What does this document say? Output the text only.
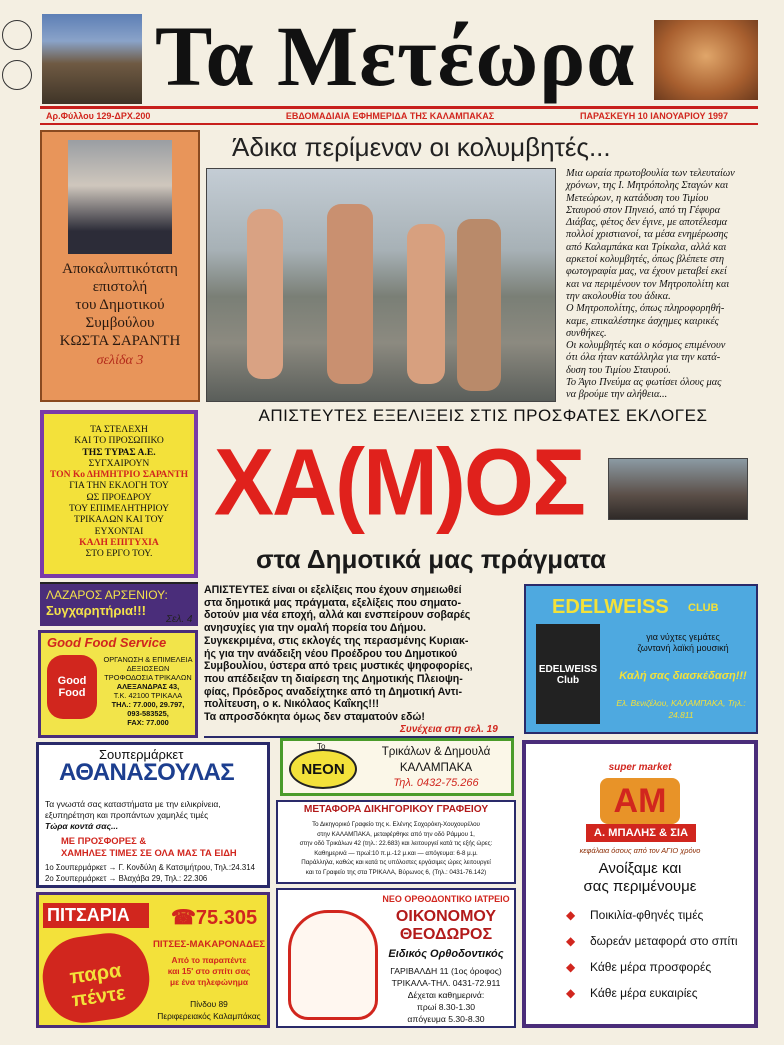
Τα Μετέωρα
Αρ.Φύλλου 129-ΔΡΧ.200	ΕΒΔΟΜΑΔΙΑΙΑ ΕΦΗΜΕΡΙΔΑ ΤΗΣ ΚΑΛΑΜΠΑΚΑΣ	ΠΑΡΑΣΚΕΥΗ 10 ΙΑΝΟΥΑΡΙΟΥ 1997
Αποκαλυπτικότατη
επιστολή
του Δημοτικού
Συμβούλου
ΚΩΣΤΑ ΣΑΡΑΝΤΗ
σελίδα 3
Άδικα περίμεναν οι κολυμβητές...
Μια ωραία πρωτοβουλία των τελευταίων
χρόνων, της Ι. Μητρόπολης Σταγών και
Μετεώρων, η κατάδυση του Τιμίου
Σταυρού στον Πηνειό, από τη Γέφυρα
Διάβας, φέτος δεν έγινε, με αποτέλεσμα
πολλοί χριστιανοί, τα μέσα ενημέρωσης
από Καλαμπάκα και Τρίκαλα, αλλά και
αρκετοί κολυμβητές, όπως βλέπετε στη
φωτογραφία μας, να έχουν μεταβεί εκεί
και να περιμένουν τον Μητροπολίτη και
την ακολουθία του άδικα.
Ο Μητροπολίτης, όπως πληροφορηθή-
καμε, επικαλέστηκε άσχημες καιρικές
συνθήκες.
Οι κολυμβητές και ο κόσμος επιμένουν
ότι όλα ήταν κατάλληλα για την κατά-
δυση του Τιμίου Σταυρού.
Το Άγιο Πνεύμα ας φωτίσει όλους μας
να βρούμε την αλήθεια...
ΤΑ ΣΤΕΛΕΧΗ
ΚΑΙ ΤΟ ΠΡΟΣΩΠΙΚΟ
ΤΗΣ ΤΥΡΑΣ Α.Ε.
ΣΥΓΧΑΙΡΟΥΝ
ΤΟΝ Κο ΔΗΜΗΤΡΙΟ ΣΑΡΑΝΤΗ
ΓΙΑ ΤΗΝ ΕΚΛΟΓΗ ΤΟΥ
ΩΣ ΠΡΟΕΔΡΟΥ
ΤΟΥ ΕΠΙΜΕΛΗΤΗΡΙΟΥ
ΤΡΙΚΑΛΩΝ ΚΑΙ ΤΟΥ
ΕΥΧΟΝΤΑΙ
ΚΑΛΗ ΕΠΙΤΥΧΙΑ
ΣΤΟ ΕΡΓΟ ΤΟΥ.
ΑΠΙΣΤΕΥΤΕΣ ΕΞΕΛΙΞΕΙΣ ΣΤΙΣ ΠΡΟΣΦΑΤΕΣ ΕΚΛΟΓΕΣ
ΧΑ(Μ)ΟΣ
στα Δημοτικά μας πράγματα
ΑΠΙΣΤΕΥΤΕΣ είναι οι εξελίξεις που έχουν σημειωθεί
στα δημοτικά μας πράγματα, εξελίξεις που σηματο-
δοτούν μια νέα εποχή, αλλά και ενσπείρουν σοβαρές
ανησυχίες για την ομαλή πορεία του Δήμου.
Συγκεκριμένα, στις εκλογές της περασμένης Κυριακ-
ής για την ανάδειξη νέου Προέδρου του Δημοτικού
Συμβουλίου, ύστερα από τρεις μυστικές ψηφοφορίες,
που απέδειξαν τη διαίρεση της Δημοτικής Πλειοψη-
φίας, Πρόεδρος αναδείχτηκε από τη Δημοτική Αντι-
πολίτευση, ο κ. Νικόλαος Καΐκης!!!
Τα απροσδόκητα όμως δεν σταματούν εδώ!
Συνέχεια στη σελ. 19
ΛΑΖΑΡΟΣ ΑΡΣΕΝΙΟΥ:
Συγχαρητήρια!!!
Σελ. 4
Good Food Service
Good Food
ΟΡΓΑΝΩΣΗ & ΕΠΙΜΕΛΕΙΑ
ΔΕΞΙΩΣΕΩΝ
ΤΡΟΦΟΔΟΣΙΑ ΤΡΙΚΑΛΩΝ
ΑΛΕΞΑΝΔΡΑΣ 43,
Τ.Κ. 42100 ΤΡΙΚΑΛΑ
ΤΗΛ.: 77.000, 29.797,
093-583525,
FAX: 77.000
EDELWEISS CLUB
EDELWEISS Club
για νύχτες γεμάτες
ζωντανή λαϊκή μουσική
Καλή σας διασκέδαση!!!
Ελ. Βενιζέλου, ΚΑΛΑΜΠΑΚΑ, Τηλ.:
24.811
Σουπερμάρκετ
ΑΘΑΝΑΣΟΥΛΑΣ
Τα γνωστά σας καταστήματα με την ειλικρίνεια,
εξυπηρέτηση και προπάντων χαμηλές τιμές
Τώρα κοντά σας...
ΜΕ ΠΡΟΣΦΟΡΕΣ &
ΧΑΜΗΛΕΣ ΤΙΜΕΣ ΣΕ ΟΛΑ ΜΑΣ ΤΑ ΕΙΔΗ
1ο Σουπερμάρκετ → Γ. Κονδύλη & Κατσιμήτρου, Τηλ.:24.314
2ο Σουπερμάρκετ → Βλαχάβα 29, Τηλ.: 22.306
NEON
Το	Τρικάλων & Δημουλά
ΚΑΛΑΜΠΑΚΑ
Τηλ. 0432-75.266
ΜΕΤΑΦΟΡΑ ΔΙΚΗΓΟΡΙΚΟΥ ΓΡΑΦΕΙΟΥ
Το Δικηγορικό Γραφείο της κ. Ελένης Σοχορόκη-Χουχουρέλου
στην ΚΑΛΑΜΠΑΚΑ, μεταφέρθηκε από την οδό Ράμμου 1,
στην οδό Τρικάλων 42 (τηλ.: 22.683) και λειτουργεί κατά τις εξής ώρες:
Καθημερινά — πρωί:10 π.μ.-12 μ.και — απόγευμα: 6-8 μ.μ.
Παράλληλα, καθώς και κατά τις υπόλοιπες εργάσιμες ώρες λειτουργεί
και το Γραφείο της στα ΤΡΙΚΑΛΑ, Βύρωνος 6, (Τηλ.: 0431-76.142)
super market
ΑΜ
Α. ΜΠΑΛΗΣ & ΣΙΑ
κεφάλαια όσους από τον ΑΓΙΟ χρόνο
Ανοίξαμε και
σας περιμένουμε
◆ Ποικιλία-φθηνές τιμές
◆ δωρεάν μεταφορά στο σπίτι
◆ Κάθε μέρα προσφορές
◆ Κάθε μέρα ευκαιρίες
ΠΙΤΣΑΡΙΑ
παρα πέντε
☎75.305
ΠΙΤΣΕΣ-ΜΑΚΑΡΟΝΑΔΕΣ
Από το παραπέντε
και 15' στο σπίτι σας
με ένα τηλεφώνημα
Πίνδου 89
Περιφερειακός Καλαμπάκας
ΝΕΟ ΟΡΘΟΔΟΝΤΙΚΟ ΙΑΤΡΕΙΟ
ΟΙΚΟΝΟΜΟΥ
ΘΕΟΔΩΡΟΣ
Ειδικός Ορθοδοντικός
ΓΑΡΙΒΑΛΔΗ 11 (1ος όροφος)
ΤΡΙΚΑΛΑ-ΤΗΛ. 0431-72.911
Δέχεται καθημερινά:
πρωί 8.30-1.30
απόγευμα 5.30-8.30
